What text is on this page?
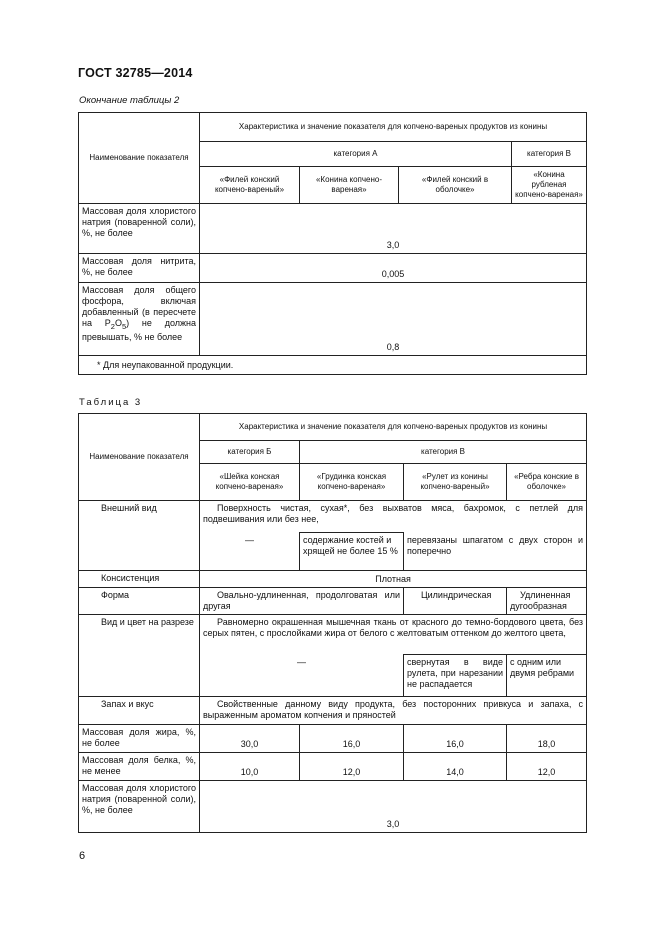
ГОСТ 32785—2014
Окончание таблицы 2
Наименование показателя	Характеристика и значение показателя для копчено-вареных продуктов из конины			
	категория А			категория В
	«Филей конский копчено-вареный»	«Конина копчено-вареная»	«Филей конский в оболочке»	«Конина рубленая копчено-вареная»
Массовая доля хлористого натрия (поваренной соли), %, не более	3,0			
Массовая доля нитрита, %, не более	0,005			
Массовая доля общего фосфора, включая добавленный (в пересчете на $P_2O_5$) не должна превышать, % не более	0,8			
* Для неупакованной продукции.				
Таблица 3
Наименование показателя	Характеристика и значение показателя для копчено-вареных продуктов из конины			
	категория Б	категория В		
	«Шейка конская копчено-вареная»	«Грудинка конская копчено-вареная»	«Рулет из конины копчено-вареный»	«Ребра конские в оболочке»
Внешний вид	Поверхность чистая, сухая*, без выхватов мяса, бахромок, с петлей для подвешивания или без нее,			
	—	содержание костей и хрящей не более 15 %	перевязаны шпагатом с двух сторон и поперечно	
Консистенция	Плотная			
Форма	Овально-удлиненная, продолговатая или другая		Цилиндрическая	Удлиненная дугообразная
Вид и цвет на разрезе	Равномерно окрашенная мышечная ткань от красного до темно-бордового цвета, без серых пятен, с прослойками жира от белого с желтоватым оттенком до желтого цвета,			
	—		свернутая в виде рулета, при нарезании не распадается	с одним или двумя ребрами
Запах и вкус	Свойственные данному виду продукта, без посторонних привкуса и запаха, с выраженным ароматом копчения и пряностей			
Массовая доля жира, %, не более	30,0	16,0	16,0	18,0
Массовая доля белка, %, не менее	10,0	12,0	14,0	12,0
Массовая доля хлористого натрия (поваренной соли), %, не более	3,0			
6
